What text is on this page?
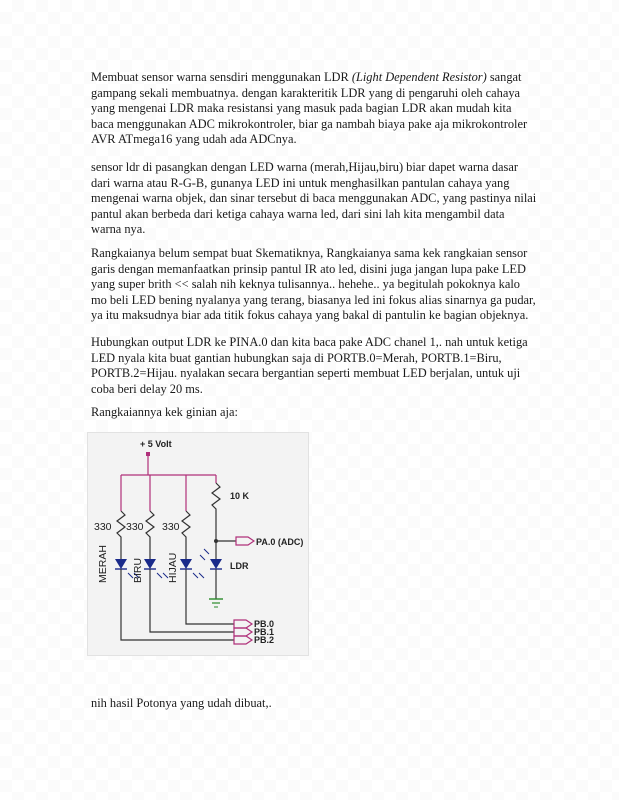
Membuat sensor warna sensdiri menggunakan LDR (Light Dependent Resistor) sangat
gampang sekali membuatnya. dengan karakteritik LDR yang di pengaruhi oleh cahaya
yang mengenai LDR maka resistansi yang masuk pada bagian LDR akan mudah kita
baca menggunakan ADC mikrokontroler, biar ga nambah biaya pake aja mikrokontroler
AVR ATmega16 yang udah ada ADCnya.

sensor ldr di pasangkan dengan LED warna (merah,Hijau,biru) biar dapet warna dasar
dari warna atau R-G-B, gunanya LED ini untuk menghasilkan pantulan cahaya yang
mengenai warna objek, dan sinar tersebut di baca menggunakan ADC, yang pastinya nilai
pantul akan berbeda dari ketiga cahaya warna led, dari sini lah kita mengambil data
warna nya.

Rangkaianya belum sempat buat Skematiknya, Rangkaianya sama kek rangkaian sensor
garis dengan memanfaatkan prinsip pantul IR ato led, disini juga jangan lupa pake LED
yang super brith << salah nih keknya tulisannya.. hehehe.. ya begitulah pokoknya kalo
mo beli LED bening nyalanya yang terang, biasanya led ini fokus alias sinarnya ga pudar,
ya itu maksudnya biar ada titik fokus cahaya yang bakal di pantulin ke bagian objeknya.

Hubungkan output LDR ke PINA.0 dan kita baca pake ADC chanel 1,. nah untuk ketiga
LED nyala kita buat gantian hubungkan saja di PORTB.0=Merah, PORTB.1=Biru,
PORTB.2=Hijau. nyalakan secara bergantian seperti membuat LED berjalan, untuk uji
coba beri delay 20 ms.

Rangkaiannya kek ginian aja:

+ 5 Volt
10 K
330 330 330
MERAH BIRU HIJAU
PA.0 (ADC)
LDR
PB.0
PB.1
PB.2

nih hasil Potonya yang udah dibuat,.
